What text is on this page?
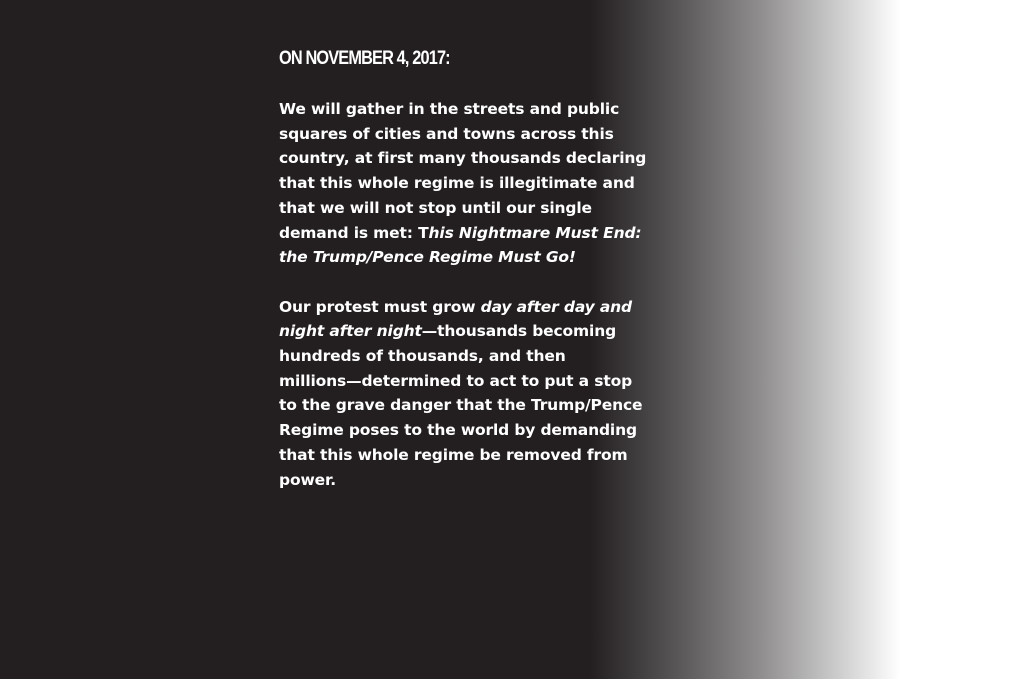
ON NOVEMBER 4, 2017:
We will gather in the streets and public
squares of cities and towns across this
country, at first many thousands declaring
that this whole regime is illegitimate and
that we will not stop until our single
demand is met: This Nightmare Must End:
the Trump/Pence Regime Must Go!
Our protest must grow day after day and
night after night—thousands becoming
hundreds of thousands, and then
millions—determined to act to put a stop
to the grave danger that the Trump/Pence
Regime poses to the world by demanding
that this whole regime be removed from
power.
